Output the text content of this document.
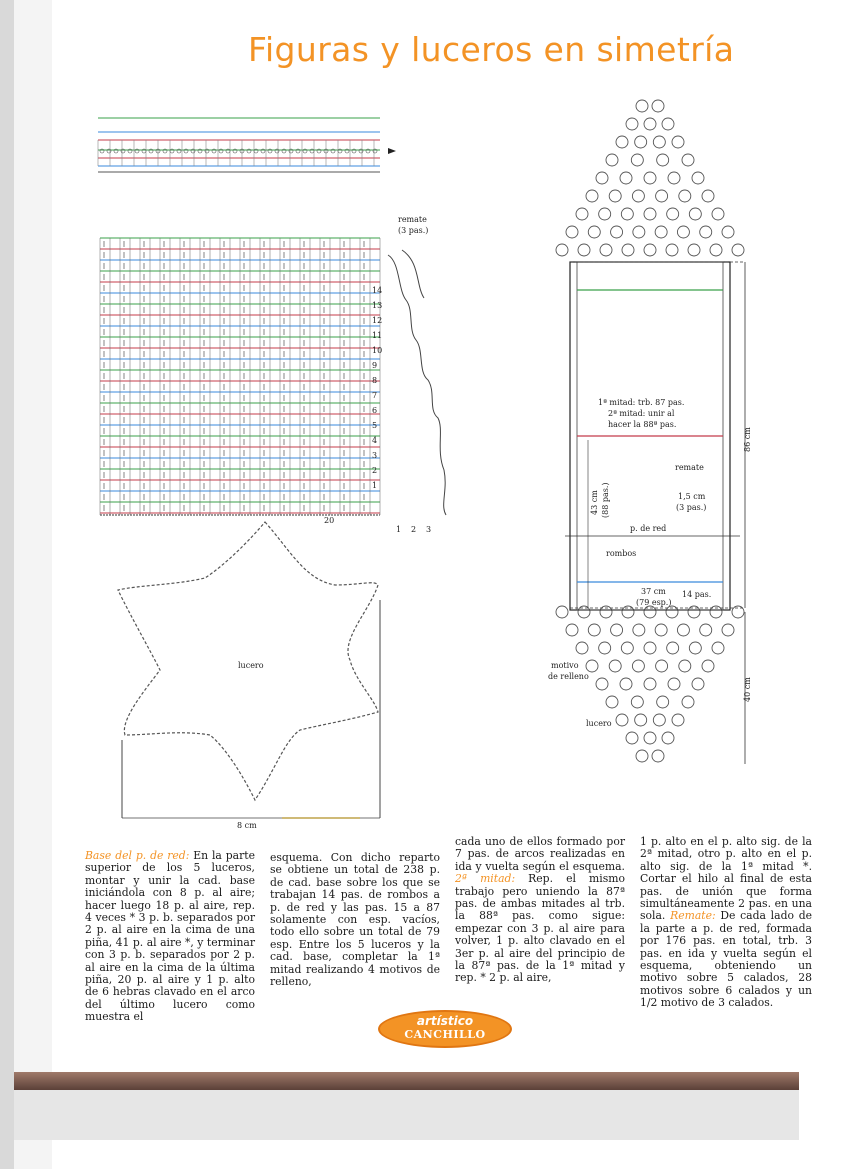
Figuras y luceros en simetría
remate
(3 pas.)
14
13
12
11
10
9
8
7
6
5
4
3
2
1
20
1 2 3
lucero
8 cm
1ª mitad: trb. 87 pas.
2ª mitad: unir al
hacer la 88ª pas.
remate
86 cm
43 cm (88 pas.)	1,5 cm
(3 pas.)
p. de red
rombos
37 cm
(79 esp.)
14 pas.
motivo
de relleno
lucero
40 cm
Base del p. de red: En la parte superior de los 5 luceros, montar y unir la cad. base iniciándola con 8 p. al aire; hacer luego 18 p. al aire, rep. 4 veces * 3 p. b. separados por 2 p. al aire en la cima de una piña, 41 p. al aire *, y terminar con 3 p. b. separados por 2 p. al aire en la cima de la última piña, 20 p. al aire y 1 p. alto de 6 hebras clavado en el arco del último lucero como muestra el
esquema. Con dicho reparto se obtiene un total de 238 p. de cad. base sobre los que se trabajan 14 pas. de rombos a p. de red y las pas. 15 a 87 solamente con esp. vacíos, todo ello sobre un total de 79 esp. Entre los 5 luceros y la cad. base, completar la 1ª mitad realizando 4 motivos de relleno,
cada uno de ellos formado por 7 pas. de arcos realizadas en ida y vuelta según el esquema. 2ª mitad: Rep. el mismo trabajo pero uniendo la 87ª pas. de ambas mitades al trb. la 88ª pas. como sigue: empezar con 3 p. al aire para volver, 1 p. alto clavado en el 3er p. al aire del principio de la 87ª pas. de la 1ª mitad y rep. * 2 p. al aire,
1 p. alto en el p. alto sig. de la 2ª mitad, otro p. alto en el p. alto sig. de la 1ª mitad *. Cortar el hilo al final de esta pas. de unión que forma simultáneamente 2 pas. en una sola. Remate: De cada lado de la parte a p. de red, formada por 176 pas. en total, trb. 3 pas. en ida y vuelta según el esquema, obteniendo un motivo sobre 5 calados, 28 motivos sobre 6 calados y un 1/2 motivo de 3 calados.
artístico
CANCHILLO
